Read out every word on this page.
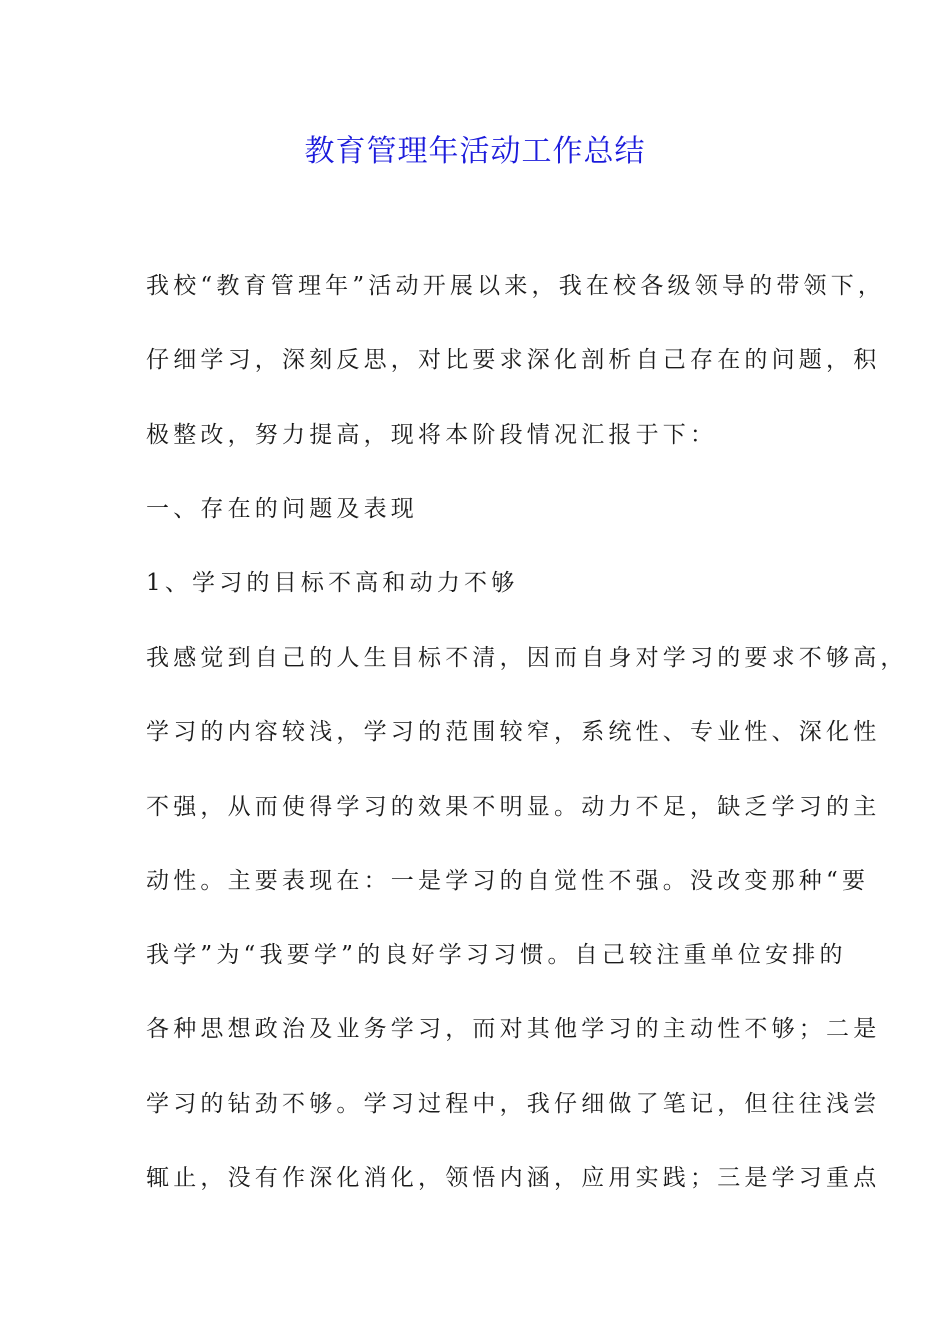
教育管理年活动工作总结
我校“教育管理年”活动开展以来，我在校各级领导的带领下，
仔细学习，深刻反思，对比要求深化剖析自己存在的问题，积
极整改，努力提高，现将本阶段情况汇报于下：
一、存在的问题及表现
1、学习的目标不高和动力不够
我感觉到自己的人生目标不清，因而自身对学习的要求不够高，
学习的内容较浅，学习的范围较窄，系统性、专业性、深化性
不强，从而使得学习的效果不明显。动力不足，缺乏学习的主
动性。主要表现在：一是学习的自觉性不强。没改变那种“要
我学”为“我要学”的良好学习习惯。自己较注重单位安排的
各种思想政治及业务学习，而对其他学习的主动性不够；二是
学习的钻劲不够。学习过程中，我仔细做了笔记，但往往浅尝
辄止，没有作深化消化，领悟内涵，应用实践；三是学习重点
